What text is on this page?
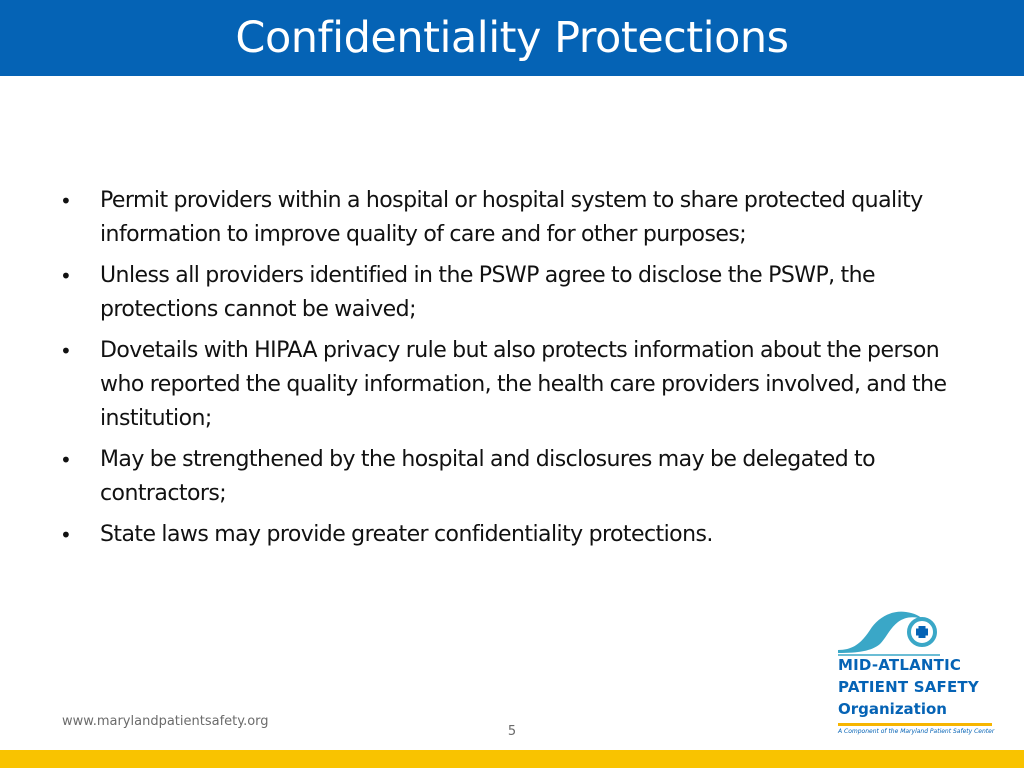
Confidentiality Protections
• Permit providers within a hospital or hospital system to share protected quality information to improve quality of care and for other purposes;
• Unless all providers identified in the PSWP agree to disclose the PSWP, the protections cannot be waived;
• Dovetails with HIPAA privacy rule but also protects information about the person who reported the quality information, the health care providers involved, and the institution;
• May be strengthened by the hospital and disclosures may be delegated to contractors;
• State laws may provide greater confidentiality protections.
www.marylandpatientsafety.org
5
MID-ATLANTIC
PATIENT SAFETY
Organization
A Component of the Maryland Patient Safety Center
